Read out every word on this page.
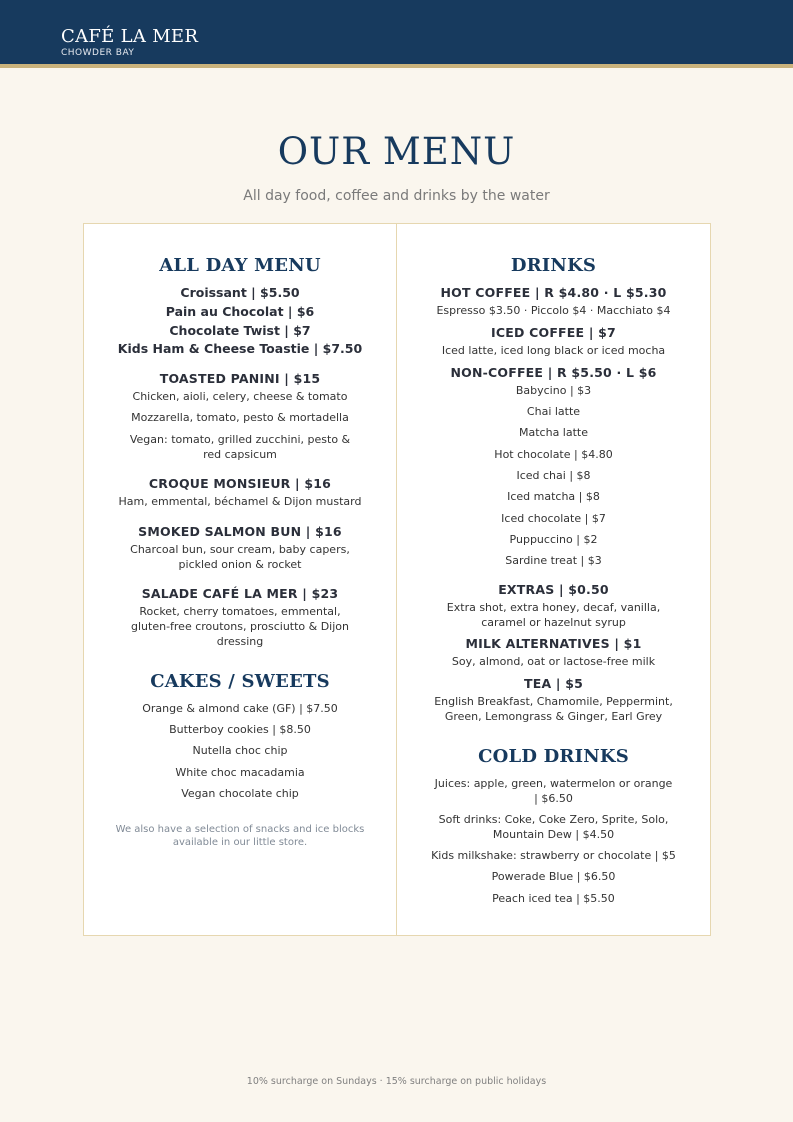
CAFÉ LA MER
CHOWDER BAY
OUR MENU
All day food, coffee and drinks by the water
ALL DAY MENU
Croissant | $5.50
Pain au Chocolat | $6
Chocolate Twist | $7
Kids Ham & Cheese Toastie | $7.50
TOASTED PANINI | $15
Chicken, aioli, celery, cheese & tomato
Mozzarella, tomato, pesto & mortadella
Vegan: tomato, grilled zucchini, pesto & red capsicum
CROQUE MONSIEUR | $16
Ham, emmental, béchamel & Dijon mustard
SMOKED SALMON BUN | $16
Charcoal bun, sour cream, baby capers, pickled onion & rocket
SALADE CAFÉ LA MER | $23
Rocket, cherry tomatoes, emmental, gluten-free croutons, prosciutto & Dijon dressing
CAKES / SWEETS
Orange & almond cake (GF) | $7.50
Butterboy cookies | $8.50
Nutella choc chip
White choc macadamia
Vegan chocolate chip
We also have a selection of snacks and ice blocks available in our little store.
DRINKS
HOT COFFEE | R $4.80 · L $5.30
Espresso $3.50 · Piccolo $4 · Macchiato $4
ICED COFFEE | $7
Iced latte, iced long black or iced mocha
NON-COFFEE | R $5.50 · L $6
Babycino | $3
Chai latte
Matcha latte
Hot chocolate | $4.80
Iced chai | $8
Iced matcha | $8
Iced chocolate | $7
Puppuccino | $2
Sardine treat | $3
EXTRAS | $0.50
Extra shot, extra honey, decaf, vanilla, caramel or hazelnut syrup
MILK ALTERNATIVES | $1
Soy, almond, oat or lactose-free milk
TEA | $5
English Breakfast, Chamomile, Peppermint, Green, Lemongrass & Ginger, Earl Grey
COLD DRINKS
Juices: apple, green, watermelon or orange | $6.50
Soft drinks: Coke, Coke Zero, Sprite, Solo, Mountain Dew | $4.50
Kids milkshake: strawberry or chocolate | $5
Powerade Blue | $6.50
Peach iced tea | $5.50
10% surcharge on Sundays · 15% surcharge on public holidays
